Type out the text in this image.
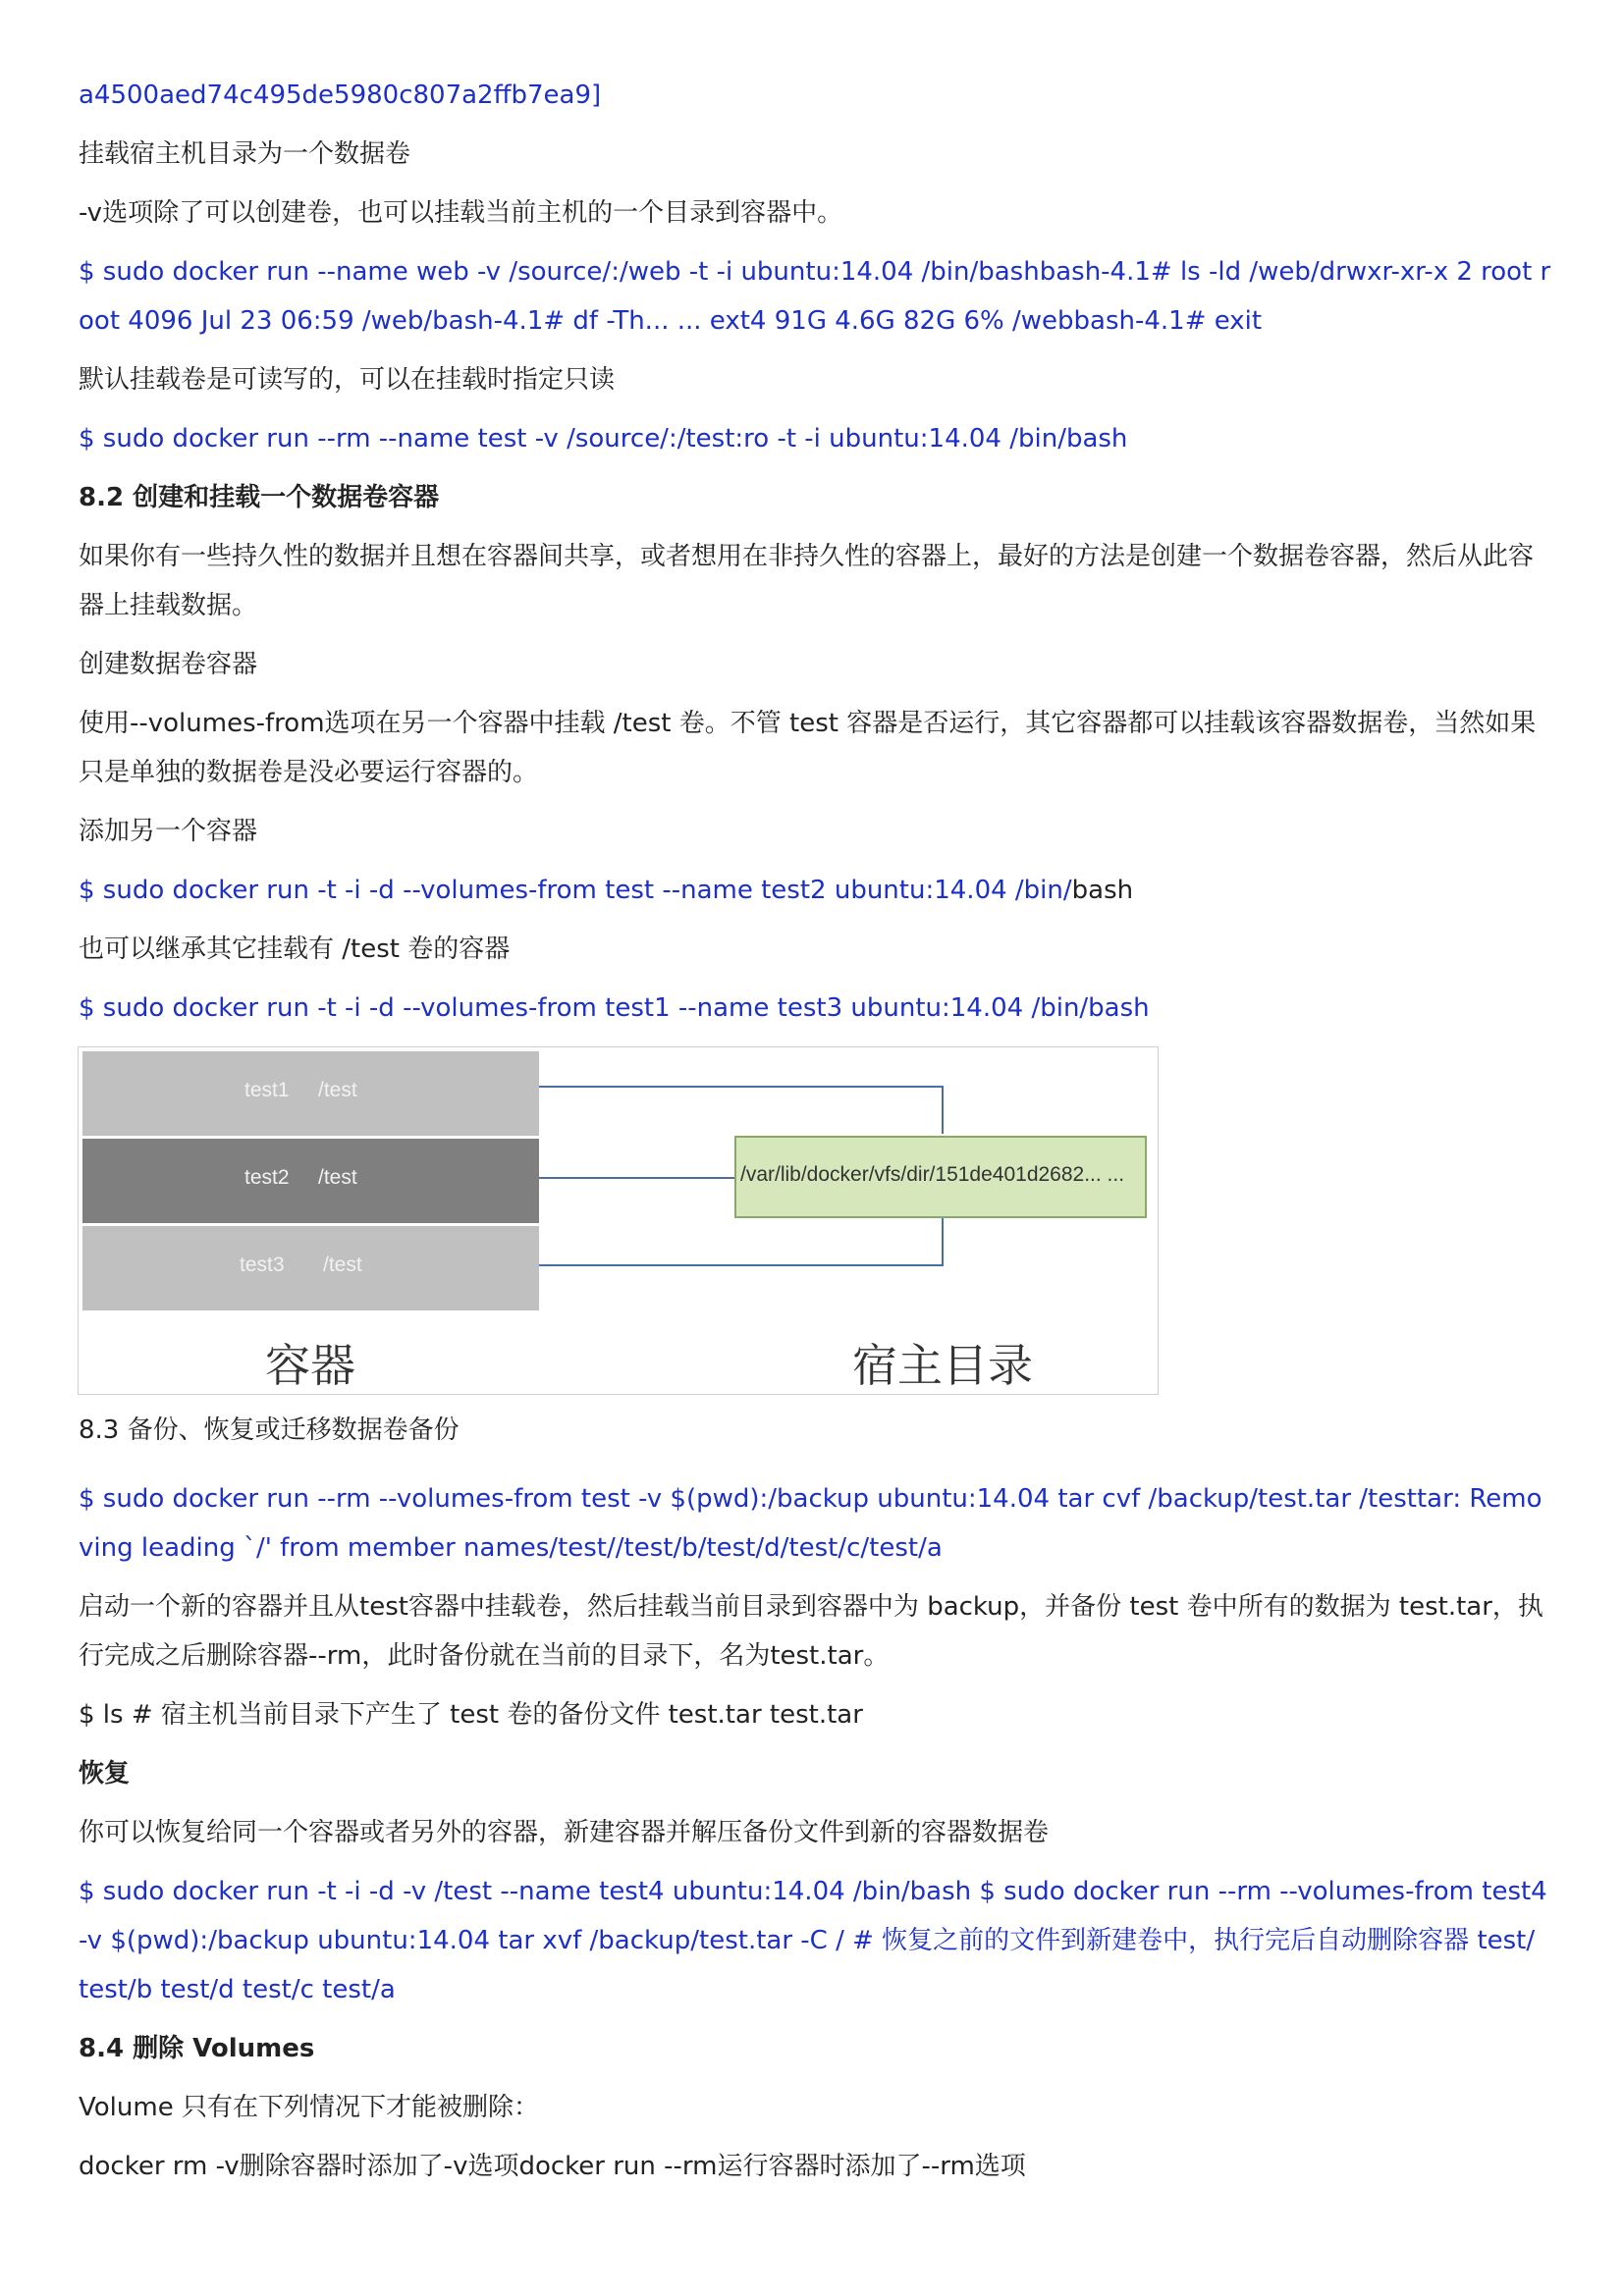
a4500aed74c495de5980c807a2ffb7ea9]

挂载宿主机目录为一个数据卷

-v选项除了可以创建卷，也可以挂载当前主机的一个目录到容器中。

$ sudo docker run --name web -v /source/:/web -t -i ubuntu:14.04 /bin/bashbash-4.1# ls -ld /web/drwxr-xr-x 2 root root 4096 Jul 23 06:59 /web/bash-4.1# df -Th... ... ext4 91G 4.6G 82G 6% /webbash-4.1# exit

默认挂载卷是可读写的，可以在挂载时指定只读

$ sudo docker run --rm --name test -v /source/:/test:ro -t -i ubuntu:14.04 /bin/bash

8.2 创建和挂载一个数据卷容器

如果你有一些持久性的数据并且想在容器间共享，或者想用在非持久性的容器上，最好的方法是创建一个数据卷容器，然后从此容器上挂载数据。

创建数据卷容器

使用--volumes-from选项在另一个容器中挂载 /test 卷。不管 test 容器是否运行，其它容器都可以挂载该容器数据卷，当然如果只是单独的数据卷是没必要运行容器的。

添加另一个容器

$ sudo docker run -t -i -d --volumes-from test --name test2 ubuntu:14.04 /bin/bash

也可以继承其它挂载有 /test 卷的容器

$ sudo docker run -t -i -d --volumes-from test1 --name test3 ubuntu:14.04 /bin/bash

test1 /test
test2 /test
test3 /test
/var/lib/docker/vfs/dir/151de401d2682... ...
容器	宿主目录

8.3 备份、恢复或迁移数据卷备份

$ sudo docker run --rm --volumes-from test -v $(pwd):/backup ubuntu:14.04 tar cvf /backup/test.tar /testtar: Removing leading `/' from member names/test//test/b/test/d/test/c/test/a

启动一个新的容器并且从test容器中挂载卷，然后挂载当前目录到容器中为 backup，并备份 test 卷中所有的数据为 test.tar，执行完成之后删除容器--rm，此时备份就在当前的目录下，名为test.tar。

$ ls # 宿主机当前目录下产生了 test 卷的备份文件 test.tar test.tar

恢复

你可以恢复给同一个容器或者另外的容器，新建容器并解压备份文件到新的容器数据卷

$ sudo docker run -t -i -d -v /test --name test4 ubuntu:14.04 /bin/bash $ sudo docker run --rm --volumes-from test4 -v $(pwd):/backup ubuntu:14.04 tar xvf /backup/test.tar -C / # 恢复之前的文件到新建卷中，执行完后自动删除容器 test/ test/b test/d test/c test/a

8.4 删除 Volumes

Volume 只有在下列情况下才能被删除：

docker rm -v删除容器时添加了-v选项docker run --rm运行容器时添加了--rm选项
